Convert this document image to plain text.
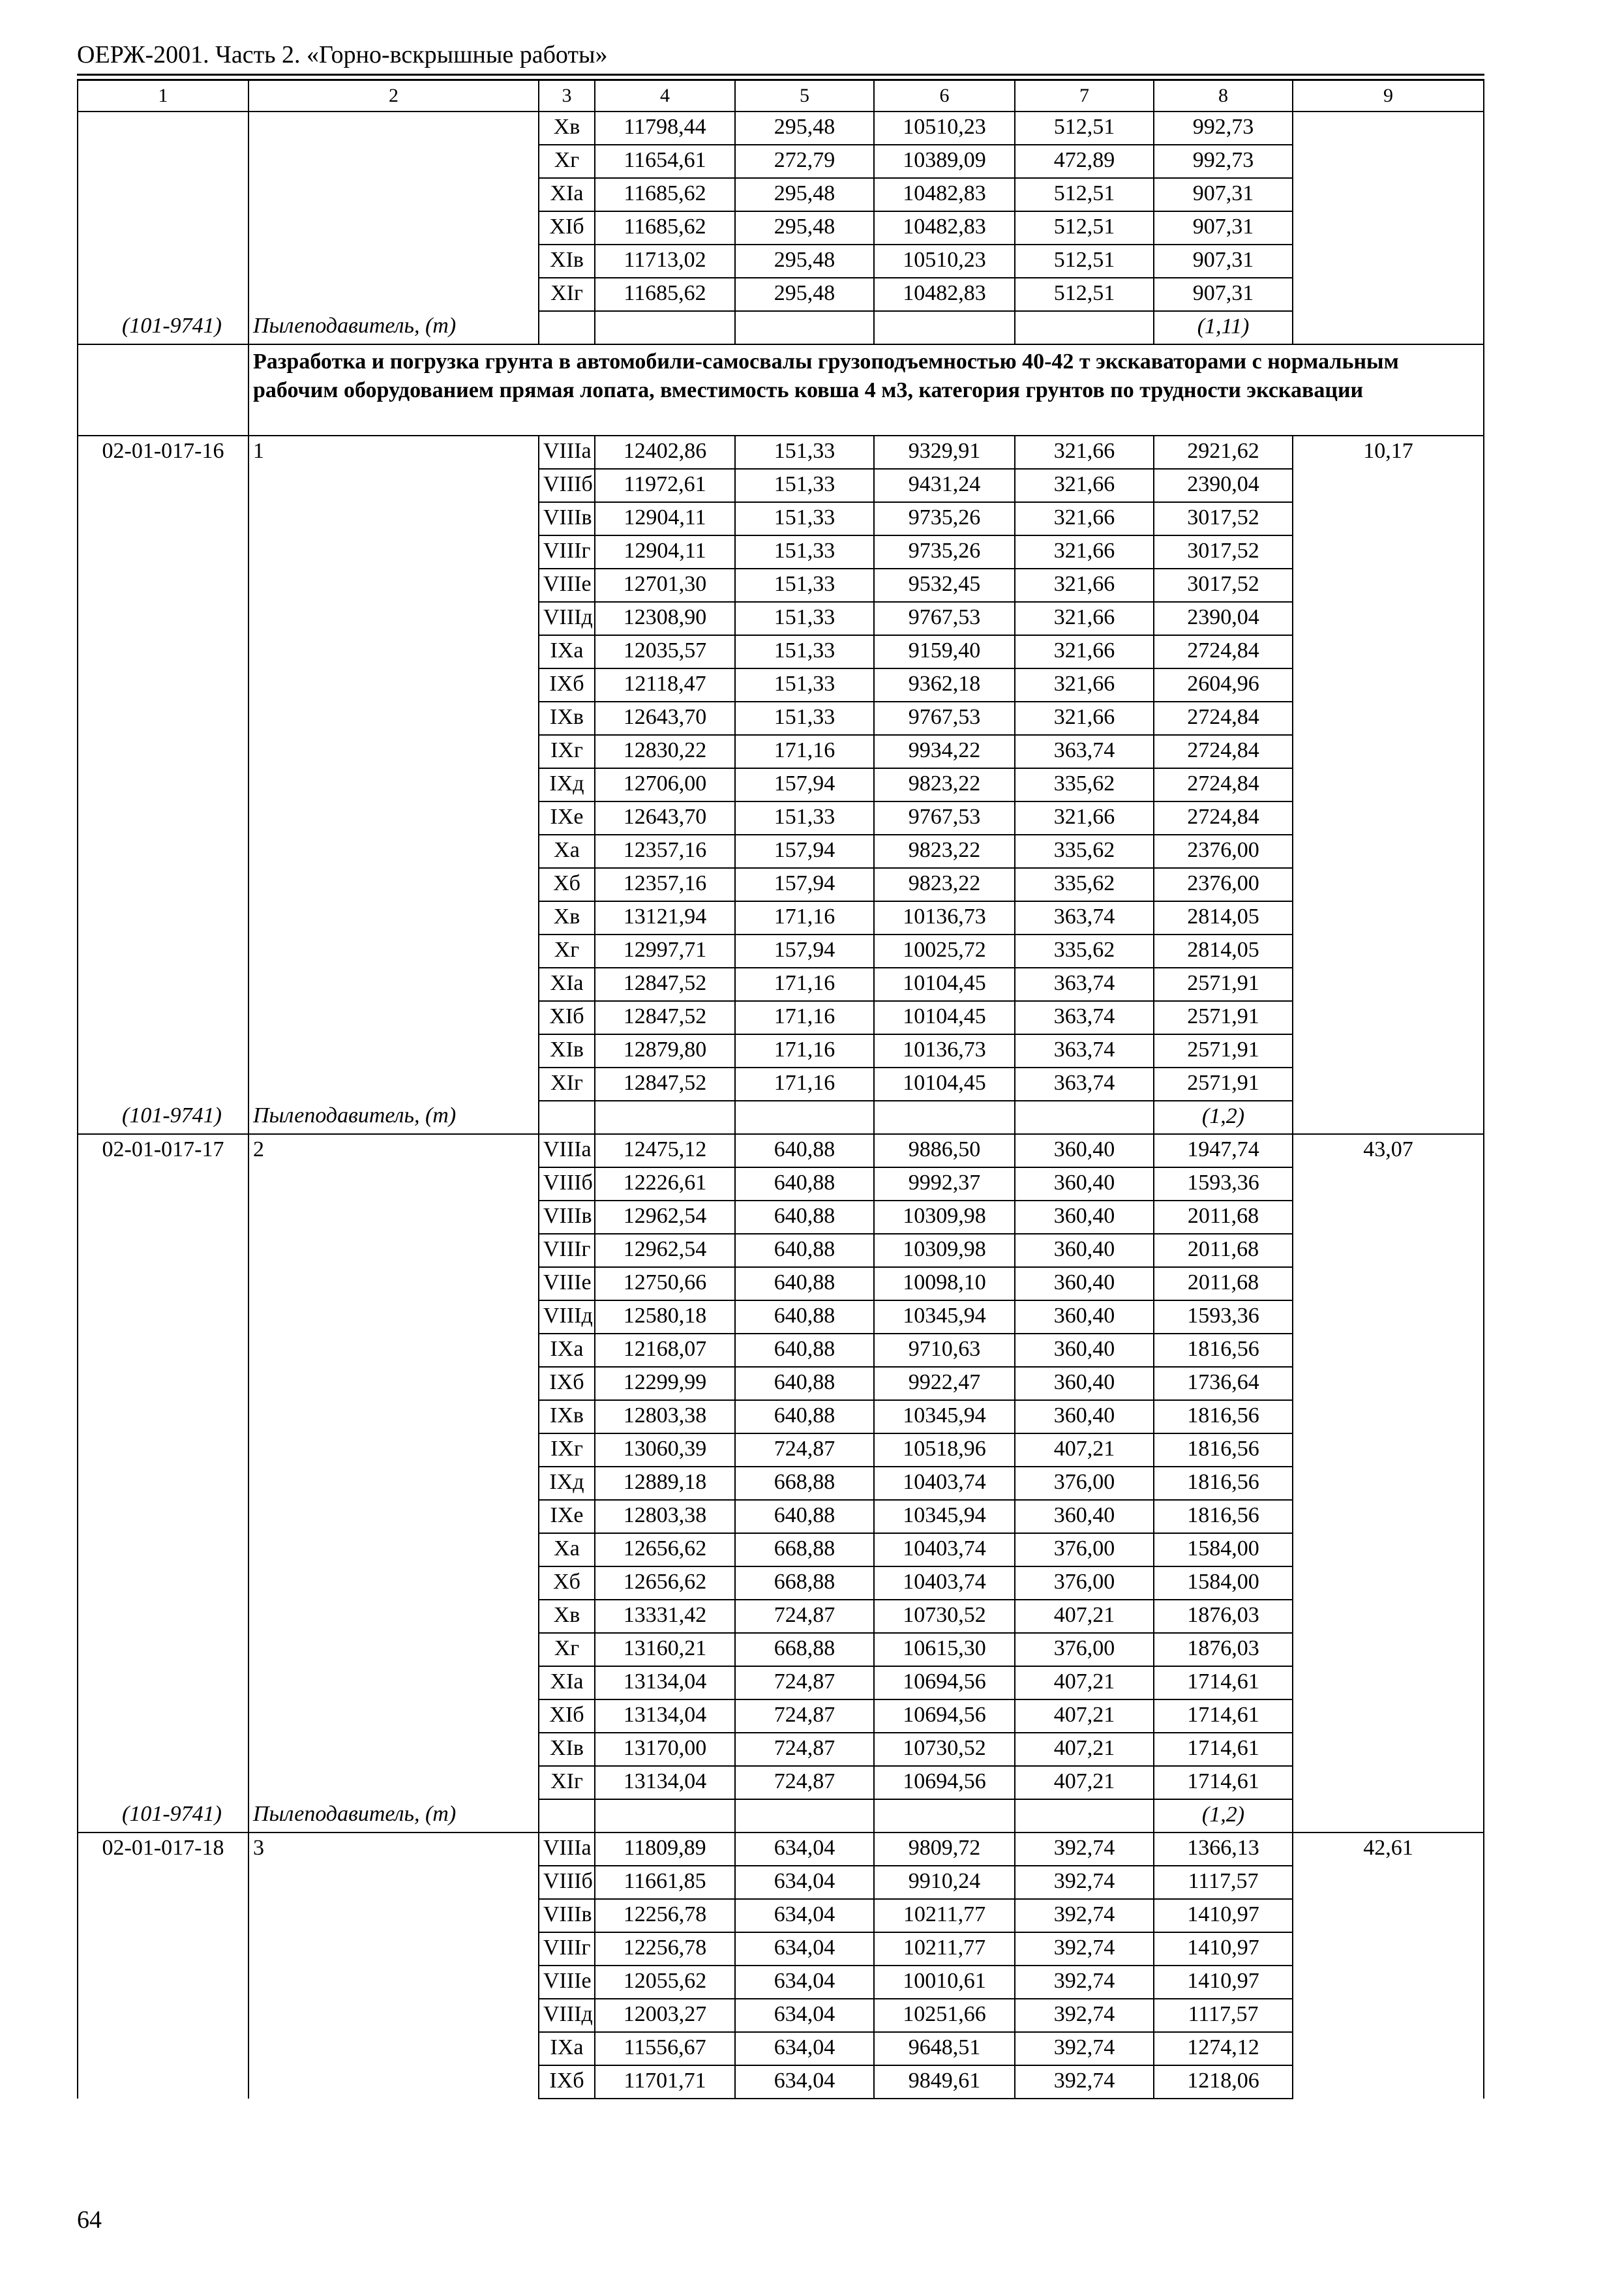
ОЕРЖ-2001. Часть 2. «Горно-вскрышные работы»
1	2	3	4	5	6	7	8	9
		Xв	11798,44	295,48	10510,23	512,51	992,73	
		Xг	11654,61	272,79	10389,09	472,89	992,73	
		XIа	11685,62	295,48	10482,83	512,51	907,31	
		XIб	11685,62	295,48	10482,83	512,51	907,31	
		XIв	11713,02	295,48	10510,23	512,51	907,31	
		XIг	11685,62	295,48	10482,83	512,51	907,31	
(101-9741)	Пылеподавитель, (т)						(1,11)	
	Разработка и погрузка грунта в автомобили-самосвалы грузоподъемностью 40-42 т экскаваторами с нормальным рабочим оборудованием прямая лопата, вместимость ковша 4 м3, категория грунтов по трудности экскавации							
02-01-017-16	1	VIIIа	12402,86	151,33	9329,91	321,66	2921,62	10,17
		VIIIб	11972,61	151,33	9431,24	321,66	2390,04	
		VIIIв	12904,11	151,33	9735,26	321,66	3017,52	
		VIIIг	12904,11	151,33	9735,26	321,66	3017,52	
		VIIIе	12701,30	151,33	9532,45	321,66	3017,52	
		VIIIд	12308,90	151,33	9767,53	321,66	2390,04	
		IXа	12035,57	151,33	9159,40	321,66	2724,84	
		IXб	12118,47	151,33	9362,18	321,66	2604,96	
		IXв	12643,70	151,33	9767,53	321,66	2724,84	
		IXг	12830,22	171,16	9934,22	363,74	2724,84	
		IXд	12706,00	157,94	9823,22	335,62	2724,84	
		IXе	12643,70	151,33	9767,53	321,66	2724,84	
		Xа	12357,16	157,94	9823,22	335,62	2376,00	
		Xб	12357,16	157,94	9823,22	335,62	2376,00	
		Xв	13121,94	171,16	10136,73	363,74	2814,05	
		Xг	12997,71	157,94	10025,72	335,62	2814,05	
		XIа	12847,52	171,16	10104,45	363,74	2571,91	
		XIб	12847,52	171,16	10104,45	363,74	2571,91	
		XIв	12879,80	171,16	10136,73	363,74	2571,91	
		XIг	12847,52	171,16	10104,45	363,74	2571,91	
(101-9741)	Пылеподавитель, (т)						(1,2)	
02-01-017-17	2	VIIIа	12475,12	640,88	9886,50	360,40	1947,74	43,07
		VIIIб	12226,61	640,88	9992,37	360,40	1593,36	
		VIIIв	12962,54	640,88	10309,98	360,40	2011,68	
		VIIIг	12962,54	640,88	10309,98	360,40	2011,68	
		VIIIе	12750,66	640,88	10098,10	360,40	2011,68	
		VIIIд	12580,18	640,88	10345,94	360,40	1593,36	
		IXа	12168,07	640,88	9710,63	360,40	1816,56	
		IXб	12299,99	640,88	9922,47	360,40	1736,64	
		IXв	12803,38	640,88	10345,94	360,40	1816,56	
		IXг	13060,39	724,87	10518,96	407,21	1816,56	
		IXд	12889,18	668,88	10403,74	376,00	1816,56	
		IXе	12803,38	640,88	10345,94	360,40	1816,56	
		Xа	12656,62	668,88	10403,74	376,00	1584,00	
		Xб	12656,62	668,88	10403,74	376,00	1584,00	
		Xв	13331,42	724,87	10730,52	407,21	1876,03	
		Xг	13160,21	668,88	10615,30	376,00	1876,03	
		XIа	13134,04	724,87	10694,56	407,21	1714,61	
		XIб	13134,04	724,87	10694,56	407,21	1714,61	
		XIв	13170,00	724,87	10730,52	407,21	1714,61	
		XIг	13134,04	724,87	10694,56	407,21	1714,61	
(101-9741)	Пылеподавитель, (т)						(1,2)	
02-01-017-18	3	VIIIа	11809,89	634,04	9809,72	392,74	1366,13	42,61
		VIIIб	11661,85	634,04	9910,24	392,74	1117,57	
		VIIIв	12256,78	634,04	10211,77	392,74	1410,97	
		VIIIг	12256,78	634,04	10211,77	392,74	1410,97	
		VIIIе	12055,62	634,04	10010,61	392,74	1410,97	
		VIIIд	12003,27	634,04	10251,66	392,74	1117,57	
		IXа	11556,67	634,04	9648,51	392,74	1274,12	
		IXб	11701,71	634,04	9849,61	392,74	1218,06	
64
